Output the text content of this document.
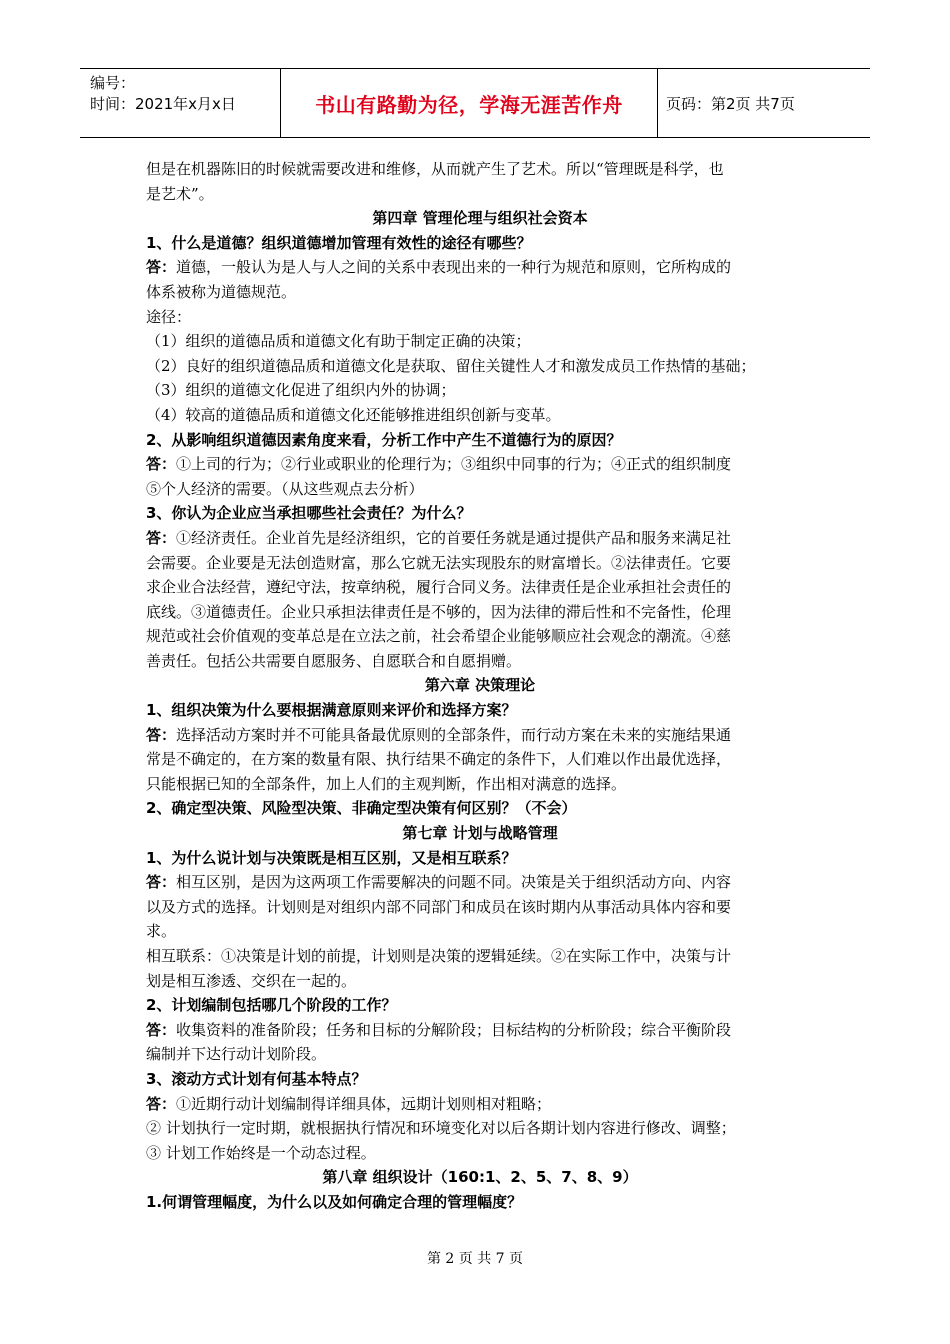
编号：
时间：2021年x月x日	书山有路勤为径，学海无涯苦作舟	页码：第2页 共7页

但是在机器陈旧的时候就需要改进和维修，从而就产生了艺术。所以“管理既是科学，也

是艺术”。

第四章 管理伦理与组织社会资本

1、什么是道德？组织道德增加管理有效性的途径有哪些？

答：道德，一般认为是人与人之间的关系中表现出来的一种行为规范和原则，它所构成的

体系被称为道德规范。

途径：

（1）组织的道德品质和道德文化有助于制定正确的决策；

（2）良好的组织道德品质和道德文化是获取、留住关键性人才和激发成员工作热情的基础；

（3）组织的道德文化促进了组织内外的协调；

（4）较高的道德品质和道德文化还能够推进组织创新与变革。

2、从影响组织道德因素角度来看，分析工作中产生不道德行为的原因？

答：①上司的行为；②行业或职业的伦理行为；③组织中同事的行为；④正式的组织制度

⑤个人经济的需要。（从这些观点去分析）

3、你认为企业应当承担哪些社会责任？为什么？

答：①经济责任。企业首先是经济组织，它的首要任务就是通过提供产品和服务来满足社

会需要。企业要是无法创造财富，那么它就无法实现股东的财富增长。②法律责任。它要

求企业合法经营，遵纪守法，按章纳税，履行合同义务。法律责任是企业承担社会责任的

底线。③道德责任。企业只承担法律责任是不够的，因为法律的滞后性和不完备性，伦理

规范或社会价值观的变革总是在立法之前，社会希望企业能够顺应社会观念的潮流。④慈

善责任。包括公共需要自愿服务、自愿联合和自愿捐赠。

第六章 决策理论

1、组织决策为什么要根据满意原则来评价和选择方案？

答：选择活动方案时并不可能具备最优原则的全部条件，而行动方案在未来的实施结果通

常是不确定的，在方案的数量有限、执行结果不确定的条件下，人们难以作出最优选择，

只能根据已知的全部条件，加上人们的主观判断，作出相对满意的选择。

2、确定型决策、风险型决策、非确定型决策有何区别？（不会）

第七章 计划与战略管理

1、为什么说计划与决策既是相互区别，又是相互联系？

答：相互区别，是因为这两项工作需要解决的问题不同。决策是关于组织活动方向、内容

以及方式的选择。计划则是对组织内部不同部门和成员在该时期内从事活动具体内容和要

求。

相互联系：①决策是计划的前提，计划则是决策的逻辑延续。②在实际工作中，决策与计

划是相互渗透、交织在一起的。

2、计划编制包括哪几个阶段的工作？

答：收集资料的准备阶段；任务和目标的分解阶段；目标结构的分析阶段；综合平衡阶段

编制并下达行动计划阶段。

3、滚动方式计划有何基本特点？

答：①近期行动计划编制得详细具体，远期计划则相对粗略；

② 计划执行一定时期，就根据执行情况和环境变化对以后各期计划内容进行修改、调整；

③ 计划工作始终是一个动态过程。

第八章 组织设计（160:1、2、5、7、8、9）

1.何谓管理幅度，为什么以及如何确定合理的管理幅度？

第 2 页 共 7 页
